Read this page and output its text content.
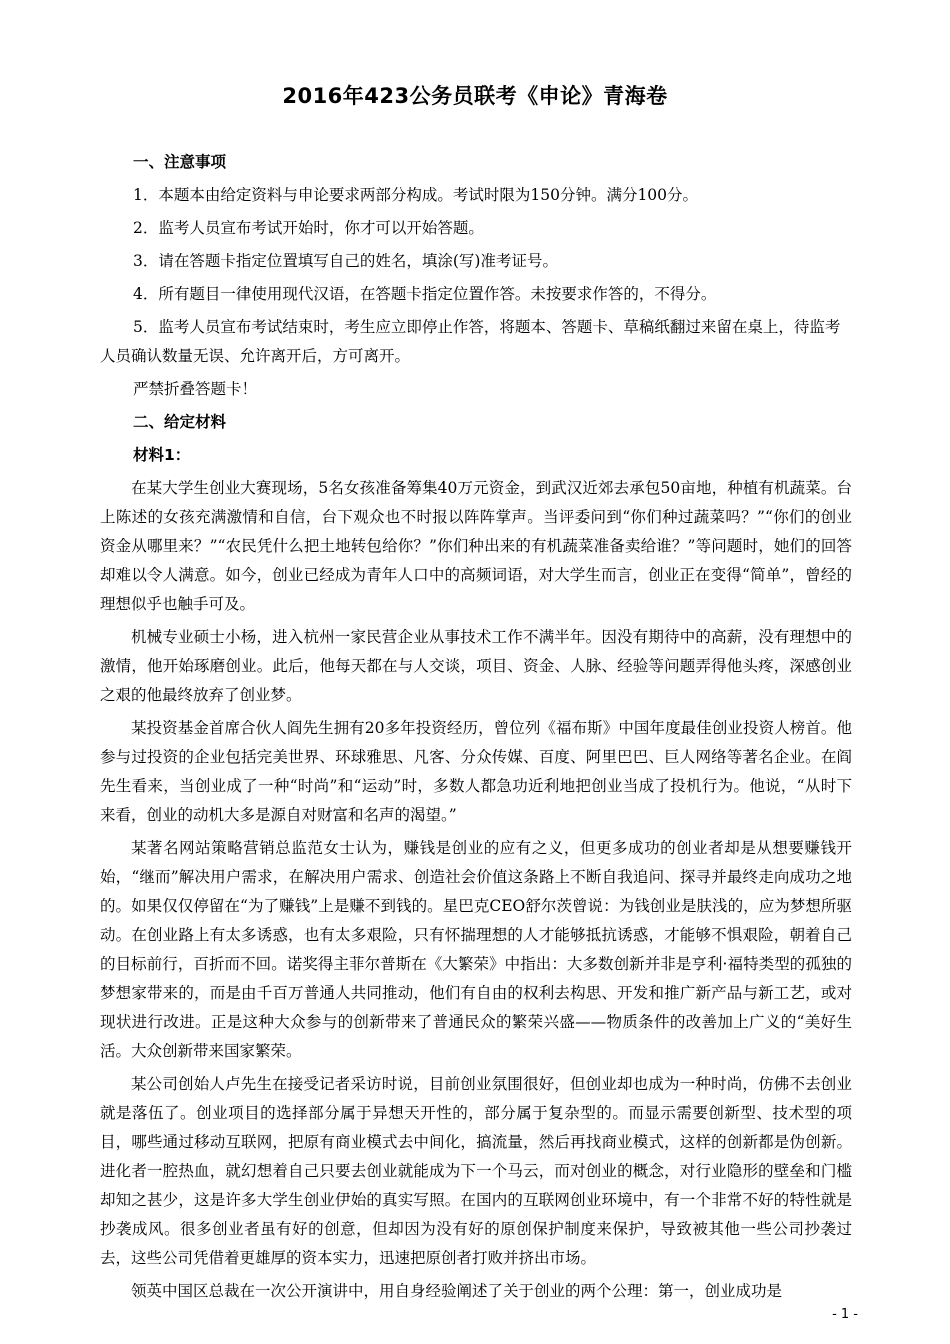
2016年423公务员联考《申论》青海卷
一、注意事项
1．本题本由给定资料与申论要求两部分构成。考试时限为150分钟。满分100分。
2．监考人员宣布考试开始时，你才可以开始答题。
3．请在答题卡指定位置填写自己的姓名，填涂(写)准考证号。
4．所有题目一律使用现代汉语，在答题卡指定位置作答。未按要求作答的，不得分。
5．监考人员宣布考试结束时，考生应立即停止作答，将题本、答题卡、草稿纸翻过来留在桌上，待监考人员确认数量无误、允许离开后，方可离开。
严禁折叠答题卡！
二、给定材料
材料1：

在某大学生创业大赛现场，5名女孩准备筹集40万元资金，到武汉近郊去承包50亩地，种植有机蔬菜。台上陈述的女孩充满激情和自信，台下观众也不时报以阵阵掌声。当评委问到“你们种过蔬菜吗？”“你们的创业资金从哪里来？”“农民凭什么把土地转包给你？”你们种出来的有机蔬菜准备卖给谁？”等问题时，她们的回答却难以令人满意。如今，创业已经成为青年人口中的高频词语，对大学生而言，创业正在变得“简单”，曾经的理想似乎也触手可及。

机械专业硕士小杨，进入杭州一家民营企业从事技术工作不满半年。因没有期待中的高薪，没有理想中的激情，他开始琢磨创业。此后，他每天都在与人交谈，项目、资金、人脉、经验等问题弄得他头疼，深感创业之艰的他最终放弃了创业梦。

某投资基金首席合伙人阎先生拥有20多年投资经历，曾位列《福布斯》中国年度最佳创业投资人榜首。他参与过投资的企业包括完美世界、环球雅思、凡客、分众传媒、百度、阿里巴巴、巨人网络等著名企业。在阎先生看来，当创业成了一种“时尚”和“运动”时，多数人都急功近利地把创业当成了投机行为。他说，“从时下来看，创业的动机大多是源自对财富和名声的渴望。”

某著名网站策略营销总监范女士认为，赚钱是创业的应有之义，但更多成功的创业者却是从想要赚钱开始，“继而”解决用户需求，在解决用户需求、创造社会价值这条路上不断自我追问、探寻并最终走向成功之地的。如果仅仅停留在“为了赚钱”上是赚不到钱的。星巴克CEO舒尔茨曾说：为钱创业是肤浅的，应为梦想所驱动。在创业路上有太多诱惑，也有太多艰险，只有怀揣理想的人才能够抵抗诱惑，才能够不惧艰险，朝着自己的目标前行，百折而不回。诺奖得主菲尔普斯在《大繁荣》中指出：大多数创新并非是亨利·福特类型的孤独的梦想家带来的，而是由千百万普通人共同推动，他们有自由的权利去构思、开发和推广新产品与新工艺，或对现状进行改进。正是这种大众参与的创新带来了普通民众的繁荣兴盛——物质条件的改善加上广义的“美好生活。大众创新带来国家繁荣。

某公司创始人卢先生在接受记者采访时说，目前创业氛围很好，但创业却也成为一种时尚，仿佛不去创业就是落伍了。创业项目的选择部分属于异想天开性的，部分属于复杂型的。而显示需要创新型、技术型的项目，哪些通过移动互联网，把原有商业模式去中间化，搞流量，然后再找商业模式，这样的创新都是伪创新。进化者一腔热血，就幻想着自己只要去创业就能成为下一个马云，而对创业的概念，对行业隐形的壁垒和门槛却知之甚少，这是许多大学生创业伊始的真实写照。在国内的互联网创业环境中，有一个非常不好的特性就是抄袭成风。很多创业者虽有好的创意，但却因为没有好的原创保护制度来保护，导致被其他一些公司抄袭过去，这些公司凭借着更雄厚的资本实力，迅速把原创者打败并挤出市场。

领英中国区总裁在一次公开演讲中，用自身经验阐述了关于创业的两个公理：第一，创业成功是

- 1 -
